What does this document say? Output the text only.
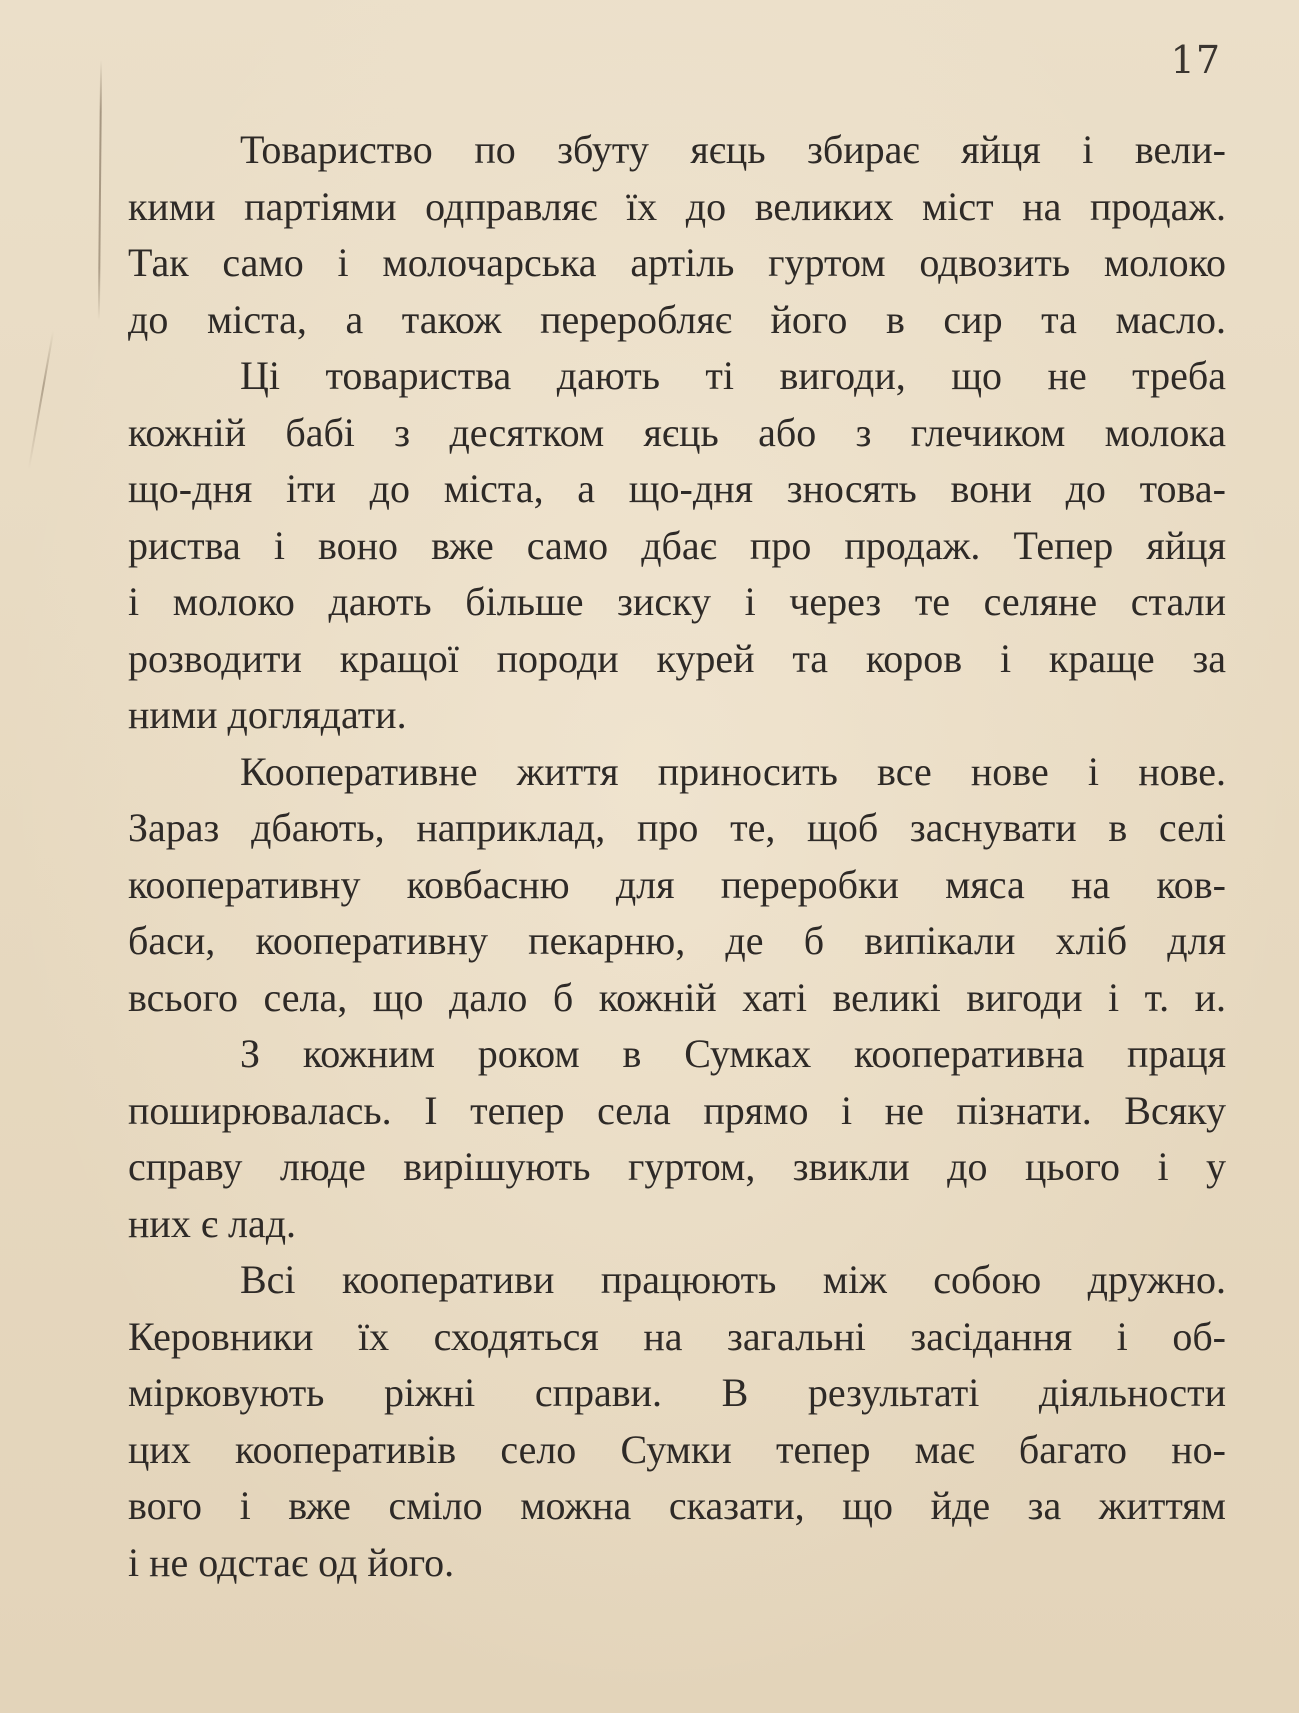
17
Товариство по збуту яєць збирає яйця і вели-
кими партіями одправляє їх до великих міст на продаж.
Так само і молочарська артіль гуртом одвозить молоко
до міста, а також переробляє його в сир та масло.
Ці товариства дають ті вигоди, що не треба
кожній бабі з десятком яєць або з глечиком молока
що-дня іти до міста, а що-дня зносять вони до това-
риства і воно вже само дбає про продаж. Тепер яйця
і молоко дають більше зиску і через те селяне стали
розводити кращої породи курей та коров і краще за
ними доглядати.
Кооперативне життя приносить все нове і нове.
Зараз дбають, наприклад, про те, щоб заснувати в селі
кооперативну ковбасню для переробки мяса на ков-
баси, кооперативну пекарню, де б випікали хліб для
всього села, що дало б кожній хаті великі вигоди і т. и.
З кожним роком в Сумках кооперативна праця
поширювалась. І тепер села прямо і не пізнати. Всяку
справу люде вирішують гуртом, звикли до цього і у
них є лад.
Всі кооперативи працюють між собою дружно.
Керовники їх сходяться на загальні засідання і об-
мірковують ріжні справи. В результаті діяльности
цих кооперативів село Сумки тепер має багато но-
вого і вже сміло можна сказати, що йде за життям
і не одстає од його.
